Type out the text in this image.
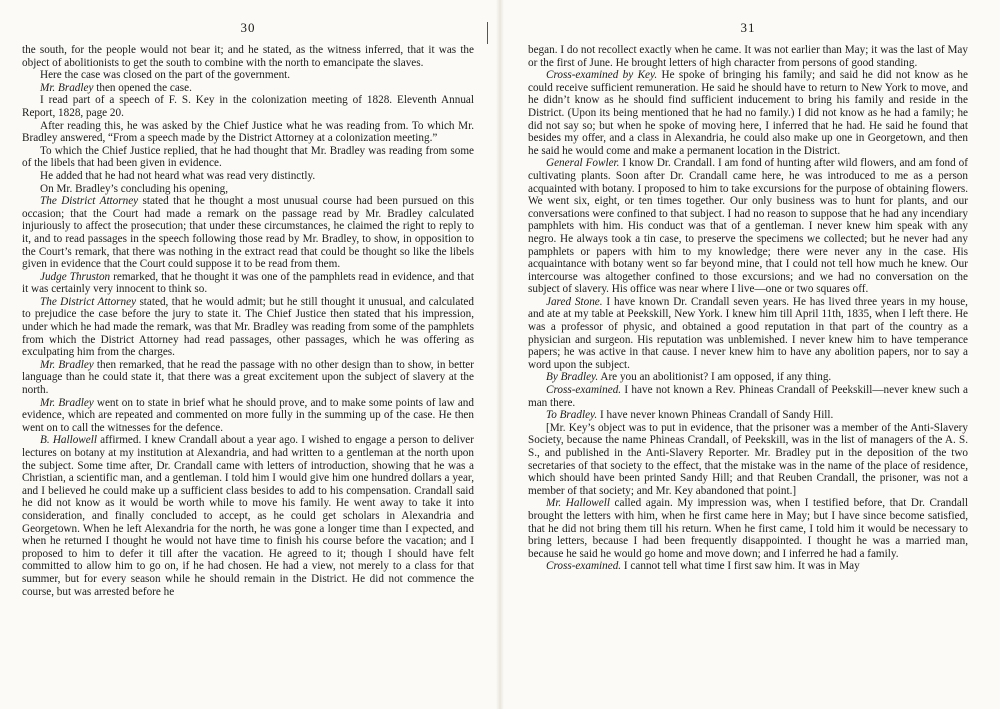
30

the south, for the people would not bear it; and he stated, as the witness inferred, that it was the object of abolitionists to get the south to combine with the north to emancipate the slaves.

Here the case was closed on the part of the government.

Mr. Bradley then opened the case.

I read part of a speech of F. S. Key in the colonization meeting of 1828. Eleventh Annual Report, 1828, page 20.

After reading this, he was asked by the Chief Justice what he was reading from. To which Mr. Bradley answered, “From a speech made by the District Attorney at a colonization meeting.”

To which the Chief Justice replied, that he had thought that Mr. Bradley was reading from some of the libels that had been given in evidence.

He added that he had not heard what was read very distinctly.

On Mr. Bradley’s concluding his opening,

The District Attorney stated that he thought a most unusual course had been pursued on this occasion; that the Court had made a remark on the passage read by Mr. Bradley calculated injuriously to affect the prosecution; that under these circumstances, he claimed the right to reply to it, and to read passages in the speech following those read by Mr. Bradley, to show, in opposition to the Court’s remark, that there was nothing in the extract read that could be thought so like the libels given in evidence that the Court could suppose it to be read from them.

Judge Thruston remarked, that he thought it was one of the pamphlets read in evidence, and that it was certainly very innocent to think so.

The District Attorney stated, that he would admit; but he still thought it unusual, and calculated to prejudice the case before the jury to state it. The Chief Justice then stated that his impression, under which he had made the remark, was that Mr. Bradley was reading from some of the pamphlets from which the District Attorney had read passages, other passages, which he was offering as exculpating him from the charges.

Mr. Bradley then remarked, that he read the passage with no other design than to show, in better language than he could state it, that there was a great excitement upon the subject of slavery at the north.

Mr. Bradley went on to state in brief what he should prove, and to make some points of law and evidence, which are repeated and commented on more fully in the summing up of the case. He then went on to call the witnesses for the defence.

B. Hallowell affirmed. I knew Crandall about a year ago. I wished to engage a person to deliver lectures on botany at my institution at Alexandria, and had written to a gentleman at the north upon the subject. Some time after, Dr. Crandall came with letters of introduction, showing that he was a Christian, a scientific man, and a gentleman. I told him I would give him one hundred dollars a year, and I believed he could make up a sufficient class besides to add to his compensation. Crandall said he did not know as it would be worth while to move his family. He went away to take it into consideration, and finally concluded to accept, as he could get scholars in Alexandria and Georgetown. When he left Alexandria for the north, he was gone a longer time than I expected, and when he returned I thought he would not have time to finish his course before the vacation; and I proposed to him to defer it till after the vacation. He agreed to it; though I should have felt committed to allow him to go on, if he had chosen. He had a view, not merely to a class for that summer, but for every season while he should remain in the District. He did not commence the course, but was arrested before he

31

began. I do not recollect exactly when he came. It was not earlier than May; it was the last of May or the first of June. He brought letters of high character from persons of good standing.

Cross-examined by Key. He spoke of bringing his family; and said he did not know as he could receive sufficient remuneration. He said he should have to return to New York to move, and he didn’t know as he should find sufficient inducement to bring his family and reside in the District. (Upon its being mentioned that he had no family.) I did not know as he had a family; he did not say so; but when he spoke of moving here, I inferred that he had. He said he found that besides my offer, and a class in Alexandria, he could also make up one in Georgetown, and then he said he would come and make a permanent location in the District.

General Fowler. I know Dr. Crandall. I am fond of hunting after wild flowers, and am fond of cultivating plants. Soon after Dr. Crandall came here, he was introduced to me as a person acquainted with botany. I proposed to him to take excursions for the purpose of obtaining flowers. We went six, eight, or ten times together. Our only business was to hunt for plants, and our conversations were confined to that subject. I had no reason to suppose that he had any incendiary pamphlets with him. His conduct was that of a gentleman. I never knew him speak with any negro. He always took a tin case, to preserve the specimens we collected; but he never had any pamphlets or papers with him to my knowledge; there were never any in the case. His acquaintance with botany went so far beyond mine, that I could not tell how much he knew. Our intercourse was altogether confined to those excursions; and we had no conversation on the subject of slavery. His office was near where I live—one or two squares off.

Jared Stone. I have known Dr. Crandall seven years. He has lived three years in my house, and ate at my table at Peekskill, New York. I knew him till April 11th, 1835, when I left there. He was a professor of physic, and obtained a good reputation in that part of the country as a physician and surgeon. His reputation was unblemished. I never knew him to have temperance papers; he was active in that cause. I never knew him to have any abolition papers, nor to say a word upon the subject.

By Bradley. Are you an abolitionist? I am opposed, if any thing.

Cross-examined. I have not known a Rev. Phineas Crandall of Peekskill—never knew such a man there.

To Bradley. I have never known Phineas Crandall of Sandy Hill.

[Mr. Key’s object was to put in evidence, that the prisoner was a member of the Anti-Slavery Society, because the name Phineas Crandall, of Peekskill, was in the list of managers of the A. S. S., and published in the Anti-Slavery Reporter. Mr. Bradley put in the deposition of the two secretaries of that society to the effect, that the mistake was in the name of the place of residence, which should have been printed Sandy Hill; and that Reuben Crandall, the prisoner, was not a member of that society; and Mr. Key abandoned that point.]

Mr. Hallowell called again. My impression was, when I testified before, that Dr. Crandall brought the letters with him, when he first came here in May; but I have since become satisfied, that he did not bring them till his return. When he first came, I told him it would be necessary to bring letters, because I had been frequently disappointed. I thought he was a married man, because he said he would go home and move down; and I inferred he had a family.

Cross-examined. I cannot tell what time I first saw him. It was in May
